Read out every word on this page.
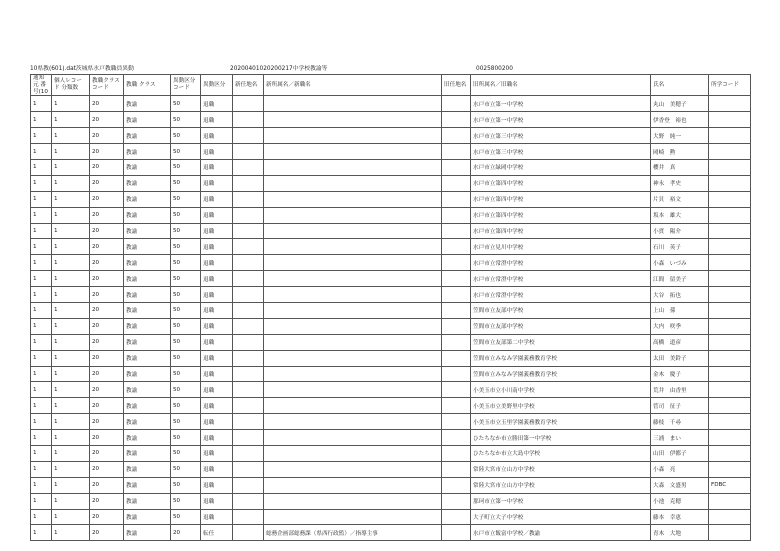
10県教(601).dat茨城県水戸教職員異動	20200401020200217中学校教諭等	0025800200
通知元 番号(10	個人レコード 分類数	教職クラス コード	教職 クラス	異動区分 コード	異動区分	新任地名	新所属名／新職名	旧任地名	旧所属名／旧職名	氏名	所学コード
1	1	20	教諭	50	退職				水戸市立第一中学校	丸山　美穂子	
1	1	20	教諭	50	退職				水戸市立第一中学校	伊香登　裕也	
1	1	20	教諭	50	退職				水戸市立第三中学校	大野　純一	
1	1	20	教諭	50	退職				水戸市立第三中学校	岡崎　勲	
1	1	20	教諭	50	退職				水戸市立緑岡中学校	櫻井　真	
1	1	20	教諭	50	退職				水戸市立第四中学校	神永　孝史	
1	1	20	教諭	50	退職				水戸市立第四中学校	片貝　裕文	
1	1	20	教諭	50	退職				水戸市立第四中学校	坂本　雄大	
1	1	20	教諭	50	退職				水戸市立第四中学校	小貫　陽介	
1	1	20	教諭	50	退職				水戸市立見川中学校	石川　英子	
1	1	20	教諭	50	退職				水戸市立常澄中学校	小森　いづみ	
1	1	20	教諭	50	退職				水戸市立常澄中学校	江間　留美子	
1	1	20	教諭	50	退職				水戸市立常澄中学校	大谷　拓也	
1	1	20	教諭	50	退職				笠間市立友部中学校	上山　孫	
1	1	20	教諭	50	退職				笠間市立友部中学校	大内　咲季	
1	1	20	教諭	50	退職				笠間市立友部第二中学校	高橋　道彦	
1	1	20	教諭	50	退職				笠間市立みなみ学園義務教育学校	太田　美鈴子	
1	1	20	教諭	50	退職				笠間市立みなみ学園義務教育学校	金木　慶子	
1	1	20	教諭	50	退職				小美玉市立小川南中学校	荒井　由香里	
1	1	20	教諭	50	退職				小美玉市立美野里中学校	菅司　征子	
1	1	20	教諭	50	退職				小美玉市立玉里学園義務教育学校	藤枝　千尋	
1	1	20	教諭	50	退職				ひたちなか市立勝田第一中学校	三浦　まい	
1	1	20	教諭	50	退職				ひたちなか市立大島中学校	山田　伊都子	
1	1	20	教諭	50	退職				常陸大宮市立山方中学校	小森　亮	
1	1	20	教諭	50	退職				常陸大宮市立山方中学校	大森　文盛男	FDBC
1	1	20	教諭	50	退職				那珂市立第一中学校	小池　克穂	
1	1	20	教諭	50	退職				大子町立大子中学校	藤本　幸恵	
1	1	20	教諭	20	転任		総務企画部総務課（県西行政監）／指導主事		水戸市立飯富中学校／教諭	青木　大地	
